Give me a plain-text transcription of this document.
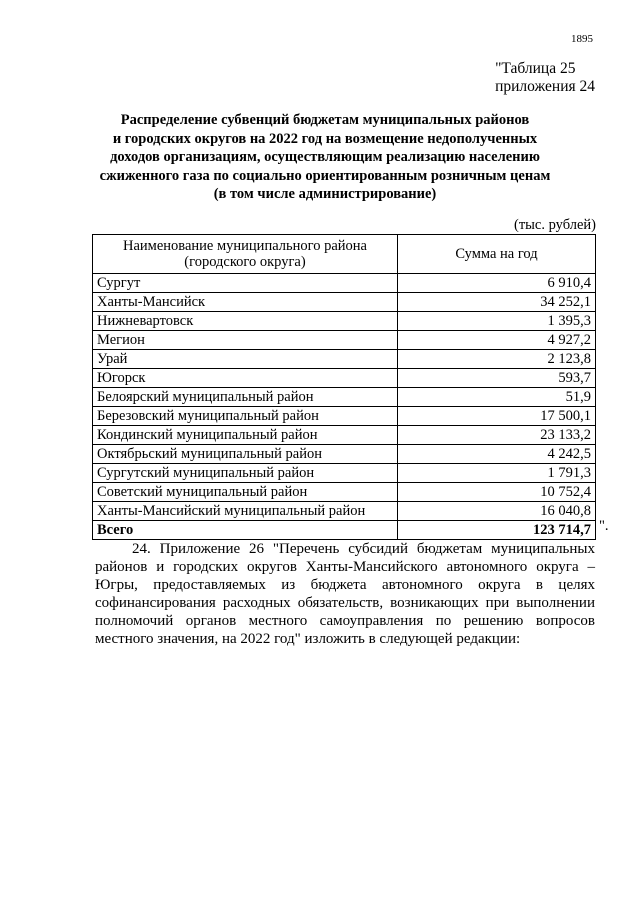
1895
"Таблица 25
приложения 24
Распределение субвенций бюджетам муниципальных районов
и городских округов на 2022 год на возмещение недополученных
доходов организациям, осуществляющим реализацию населению
сжиженного газа по социально ориентированным розничным ценам
(в том числе администрирование)
(тыс. рублей)
Наименование муниципального района
(городского округа)	Сумма на год
Сургут	6 910,4
Ханты-Мансийск	34 252,1
Нижневартовск	1 395,3
Мегион	4 927,2
Урай	2 123,8
Югорск	593,7
Белоярский муниципальный район	51,9
Березовский муниципальный район	17 500,1
Кондинский муниципальный район	23 133,2
Октябрьский муниципальный район	4 242,5
Сургутский муниципальный район	1 791,3
Советский муниципальный район	10 752,4
Ханты-Мансийский муниципальный район	16 040,8
Всего	123 714,7 ".

24. Приложение 26 "Перечень субсидий бюджетам муниципальных районов и городских округов Ханты-Мансийского автономного округа – Югры, предоставляемых из бюджета автономного округа в целях софинансирования расходных обязательств, возникающих при выполнении полномочий органов местного самоуправления по решению вопросов местного значения, на 2022 год" изложить в следующей редакции:
